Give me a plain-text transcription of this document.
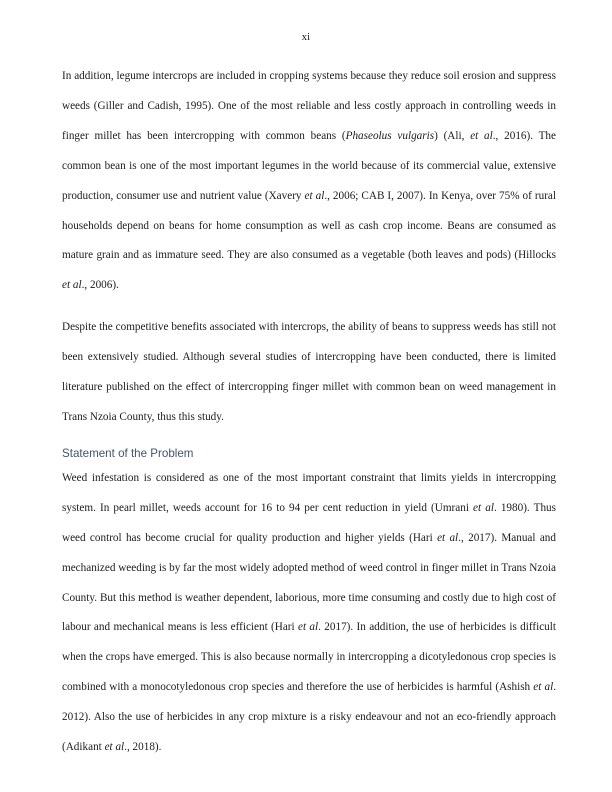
xi

In addition, legume intercrops are included in cropping systems because they reduce soil erosion and suppress weeds (Giller and Cadish, 1995). One of the most reliable and less costly approach in controlling weeds in finger millet has been intercropping with common beans (Phaseolus vulgaris) (Ali, et al., 2016). The common bean is one of the most important legumes in the world because of its commercial value, extensive production, consumer use and nutrient value (Xavery et al., 2006; CAB I, 2007). In Kenya, over 75% of rural households depend on beans for home consumption as well as cash crop income. Beans are consumed as mature grain and as immature seed. They are also consumed as a vegetable (both leaves and pods) (Hillocks et al., 2006).

Despite the competitive benefits associated with intercrops, the ability of beans to suppress weeds has still not been extensively studied. Although several studies of intercropping have been conducted, there is limited literature published on the effect of intercropping finger millet with common bean on weed management in Trans Nzoia County, thus this study.

Statement of the Problem

Weed infestation is considered as one of the most important constraint that limits yields in intercropping system. In pearl millet, weeds account for 16 to 94 per cent reduction in yield (Umrani et al. 1980). Thus weed control has become crucial for quality production and higher yields (Hari et al., 2017). Manual and mechanized weeding is by far the most widely adopted method of weed control in finger millet in Trans Nzoia County. But this method is weather dependent, laborious, more time consuming and costly due to high cost of labour and mechanical means is less efficient (Hari et al. 2017). In addition, the use of herbicides is difficult when the crops have emerged. This is also because normally in intercropping a dicotyledonous crop species is combined with a monocotyledonous crop species and therefore the use of herbicides is harmful (Ashish et al. 2012). Also the use of herbicides in any crop mixture is a risky endeavour and not an eco-friendly approach (Adikant et al., 2018).
